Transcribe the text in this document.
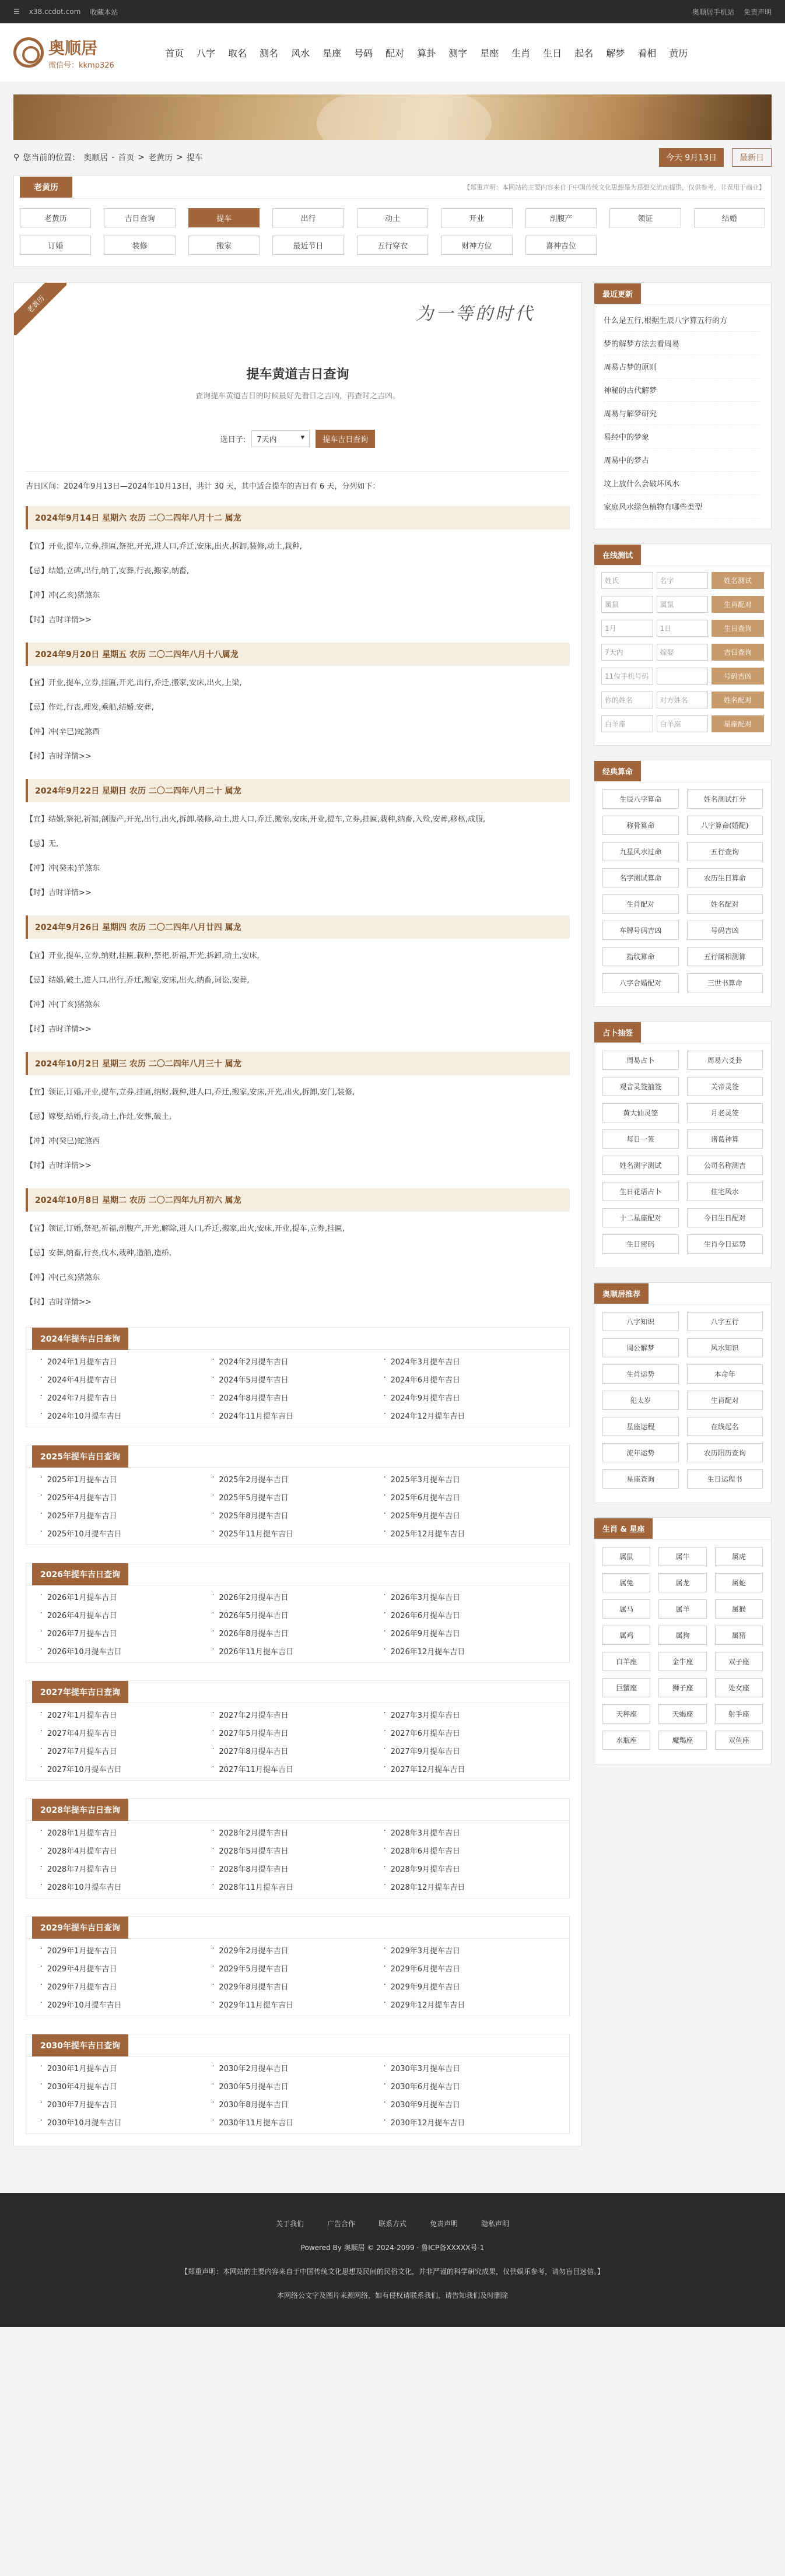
☰ x38.ccdot.com 收藏本站	奥顺居手机站 免责声明
奥顺居
微信号：kkmp326
首页	八字	取名	测名	风水	星座	号码	配对	算卦	测字	星座	生肖	生日	起名	解梦	看相	黄历
⚲ 您当前的位置： 奥顺居 - 首页 > 老黄历 > 提车	今天 9月13日	最新日
老黄历	【郑重声明：本网站的主要内容来自于中国传统文化思想是为思想交流而提供，仅供参考，非误用于商业】
老黄历	吉日查询	提车	出行	动土	开业	剖腹产	领证	结婚
订婚	装修	搬家	最近节日	五行穿衣	财神方位	喜神吉位
老黄历	为一等的时代
提车黄道吉日查询

查询提车黄道吉日的时候最好先看日之吉凶，再查时之吉凶。

选日子: 7天内	▾	提车吉日查询
吉日区间：2024年9月13日—2024年10月13日，共计 30 天，其中适合提车的吉日有 6 天，分列如下：
2024年9月14日 星期六 农历 二〇二四年八月十二 属龙
【宜】开业,提车,立券,挂匾,祭祀,开光,进人口,乔迁,安床,出火,拆卸,装修,动土,栽种,
【忌】结婚,立碑,出行,纳丁,安葬,行丧,搬家,纳畜,
【冲】冲(乙亥)猪煞东
【时】吉时详情>>
2024年9月20日 星期五 农历 二〇二四年八月十八属龙
【宜】开业,提车,立券,挂匾,开光,出行,乔迁,搬家,安床,出火,上梁,
【忌】作灶,行丧,理发,乘船,结婚,安葬,
【冲】冲(辛巳)蛇煞西
【时】吉时详情>>
2024年9月22日 星期日 农历 二〇二四年八月二十 属龙
【宜】结婚,祭祀,祈福,剖腹产,开光,出行,出火,拆卸,装修,动土,进人口,乔迁,搬家,安床,开业,提车,立券,挂匾,栽种,纳畜,入殓,安葬,移柩,成服,
【忌】无,
【冲】冲(癸未)羊煞东
【时】吉时详情>>
2024年9月26日 星期四 农历 二〇二四年八月廿四 属龙
【宜】开业,提车,立券,纳财,挂匾,栽种,祭祀,祈福,开光,拆卸,动土,安床,
【忌】结婚,破土,进人口,出行,乔迁,搬家,安床,出火,纳畜,词讼,安葬,
【冲】冲(丁亥)猪煞东
【时】吉时详情>>
2024年10月2日 星期三 农历 二〇二四年八月三十 属龙
【宜】领证,订婚,开业,提车,立券,挂匾,纳财,栽种,进人口,乔迁,搬家,安床,开光,出火,拆卸,安门,装修,
【忌】嫁娶,结婚,行丧,动土,作灶,安葬,破土,
【冲】冲(癸巳)蛇煞西
【时】吉时详情>>
2024年10月8日 星期二 农历 二〇二四年九月初六 属龙
【宜】领证,订婚,祭祀,祈福,剖腹产,开光,解除,进人口,乔迁,搬家,出火,安床,开业,提车,立券,挂匾,
【忌】安葬,纳畜,行丧,伐木,栽种,造船,造桥,
【冲】冲(己亥)猪煞东
【时】吉时详情>>
2024年提车吉日查询
· 2024年1月提车吉日	· 2024年2月提车吉日	· 2024年3月提车吉日
· 2024年4月提车吉日	· 2024年5月提车吉日	· 2024年6月提车吉日
· 2024年7月提车吉日	· 2024年8月提车吉日	· 2024年9月提车吉日
· 2024年10月提车吉日	· 2024年11月提车吉日	· 2024年12月提车吉日
2025年提车吉日查询
· 2025年1月提车吉日	· 2025年2月提车吉日	· 2025年3月提车吉日
· 2025年4月提车吉日	· 2025年5月提车吉日	· 2025年6月提车吉日
· 2025年7月提车吉日	· 2025年8月提车吉日	· 2025年9月提车吉日
· 2025年10月提车吉日	· 2025年11月提车吉日	· 2025年12月提车吉日
2026年提车吉日查询
· 2026年1月提车吉日	· 2026年2月提车吉日	· 2026年3月提车吉日
· 2026年4月提车吉日	· 2026年5月提车吉日	· 2026年6月提车吉日
· 2026年7月提车吉日	· 2026年8月提车吉日	· 2026年9月提车吉日
· 2026年10月提车吉日	· 2026年11月提车吉日	· 2026年12月提车吉日
2027年提车吉日查询
· 2027年1月提车吉日	· 2027年2月提车吉日	· 2027年3月提车吉日
· 2027年4月提车吉日	· 2027年5月提车吉日	· 2027年6月提车吉日
· 2027年7月提车吉日	· 2027年8月提车吉日	· 2027年9月提车吉日
· 2027年10月提车吉日	· 2027年11月提车吉日	· 2027年12月提车吉日
2028年提车吉日查询
· 2028年1月提车吉日	· 2028年2月提车吉日	· 2028年3月提车吉日
· 2028年4月提车吉日	· 2028年5月提车吉日	· 2028年6月提车吉日
· 2028年7月提车吉日	· 2028年8月提车吉日	· 2028年9月提车吉日
· 2028年10月提车吉日	· 2028年11月提车吉日	· 2028年12月提车吉日
2029年提车吉日查询
· 2029年1月提车吉日	· 2029年2月提车吉日	· 2029年3月提车吉日
· 2029年4月提车吉日	· 2029年5月提车吉日	· 2029年6月提车吉日
· 2029年7月提车吉日	· 2029年8月提车吉日	· 2029年9月提车吉日
· 2029年10月提车吉日	· 2029年11月提车吉日	· 2029年12月提车吉日
2030年提车吉日查询
· 2030年1月提车吉日	· 2030年2月提车吉日	· 2030年3月提车吉日
· 2030年4月提车吉日	· 2030年5月提车吉日	· 2030年6月提车吉日
· 2030年7月提车吉日	· 2030年8月提车吉日	· 2030年9月提车吉日
· 2030年10月提车吉日	· 2030年11月提车吉日	· 2030年12月提车吉日
最近更新
什么是五行,根据生辰八字算五行的方
梦的解梦方法去看周易
周易占梦的原则
神秘的古代解梦
周易与解梦研究
易经中的梦象
周易中的梦占
坟上放什么会破坏风水
家庭风水绿色植物有哪些类型
在线测试
姓氏	名字	姓名测试
属鼠	属鼠	生肖配对
1月	1日	生日查询
7天内	嫁娶	吉日查询
11位手机号码	号码吉凶
你的姓名	对方姓名	姓名配对
白羊座	白羊座	星座配对
经典算命
生辰八字算命	姓名测试打分
称骨算命	八字算命(婚配)
九星风水过命	五行查询
名字测试算命	农历生日算命
生肖配对	姓名配对
车牌号码吉凶	号码吉凶
指纹算命	五行属相测算
八字合婚配对	三世书算命
占卜抽签
周易占卜	周易六爻卦
观音灵签抽签	关帝灵签
黄大仙灵签	月老灵签
每日一签	诸葛神算
姓名测字测试	公司名称测吉
生日花语占卜	住宅风水
十二星座配对	今日生日配对
生日密码	生肖今日运势
奥顺居推荐
八字知识	八字五行
周公解梦	风水知识
生肖运势	本命年
犯太岁	生肖配对
星座运程	在线起名
流年运势	农历阳历查询
星座查询	生日运程书
生肖 & 星座
属鼠	属牛	属虎
属兔	属龙	属蛇
属马	属羊	属猴
属鸡	属狗	属猪
白羊座	金牛座	双子座
巨蟹座	狮子座	处女座
天秤座	天蝎座	射手座
水瓶座	魔羯座	双鱼座
关于我们	广告合作	联系方式	免责声明	隐私声明

Powered By 奥顺居 © 2024-2099 · 鲁ICP备XXXXX号-1

【郑重声明：本网站的主要内容来自于中国传统文化思想及民间的民俗文化，并非严谨的科学研究成果，仅供娱乐参考，请勿盲目迷信。】

本网络公文字及图片来源网络，如有侵权请联系我们，请告知我们及时删除
